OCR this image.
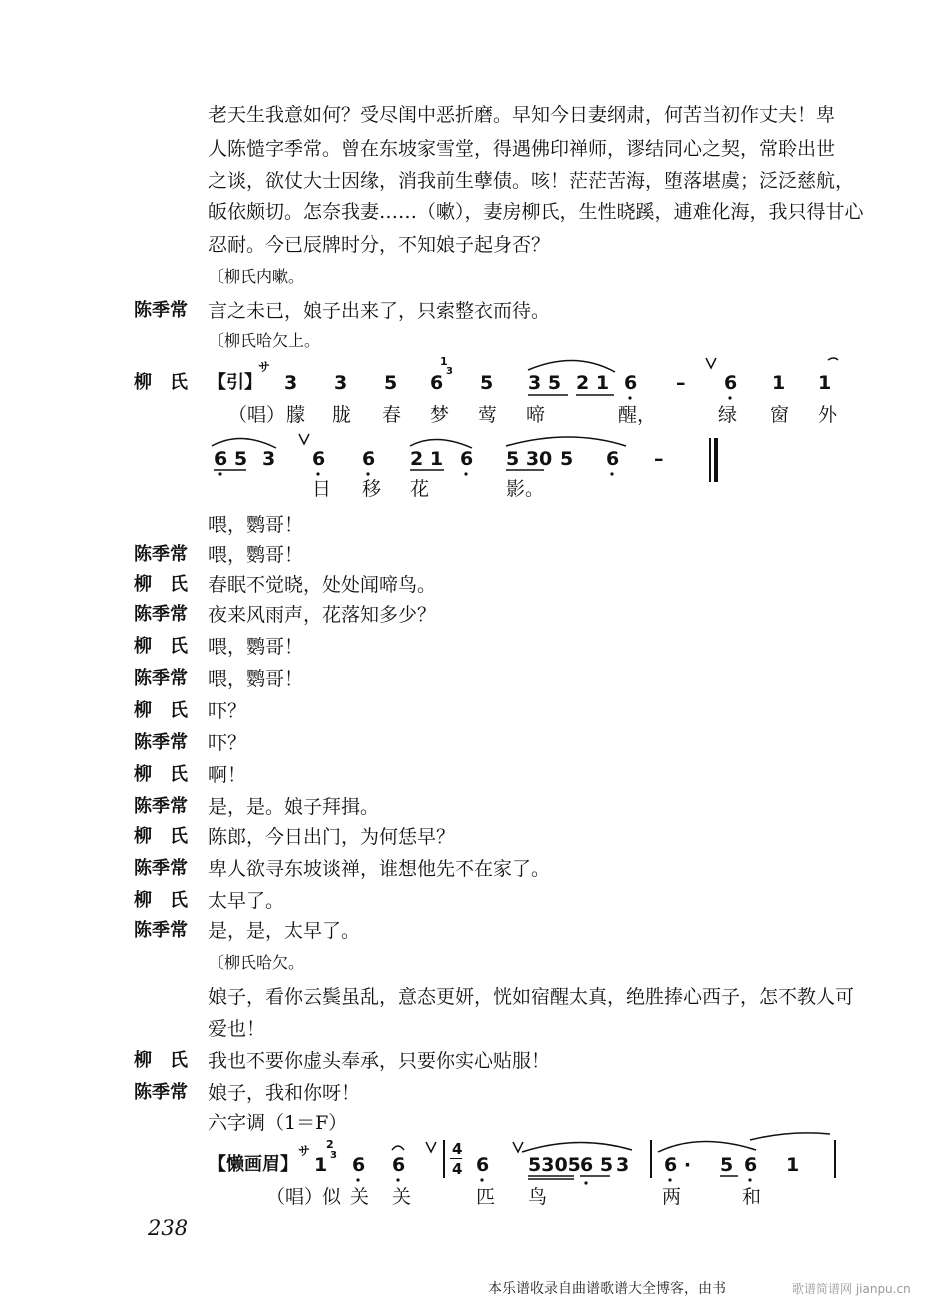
老天生我意如何？受尽闺中恶折磨。早知今日妻纲肃，何苦当初作丈夫！卑
人陈慥字季常。曾在东坡家雪堂，得遇佛印禅师，谬结同心之契，常聆出世
之谈，欲仗大士因缘，消我前生孽债。咳！茫茫苦海，堕落堪虞；泛泛慈航，
皈依颇切。怎奈我妻……（嗽），妻房柳氏，生性晓蹊，逋难化海，我只得甘心
忍耐。今已辰牌时分，不知娘子起身否？
〔柳氏内嗽。
陈季常	言之未已，娘子出来了，只索整衣而待。
〔柳氏哈欠上。
柳　氏	【引】
サ
3 3 5 6
1
3
5 3 5 2 1 6 – 6 1 1
（唱） 朦 胧 春 梦 莺 啼	醒，	绿 窗 外
6 5 3 6 6 2 1 6 5 30 5 6 –
日 移 花	影。
喂，鹦哥！
陈季常	喂，鹦哥！
柳　氏	春眠不觉晓，处处闻啼鸟。
陈季常	夜来风雨声，花落知多少？
柳　氏	喂，鹦哥！
陈季常	喂，鹦哥！
柳　氏	吓？
陈季常	吓？
柳　氏	啊！
陈季常	是，是。娘子拜揖。
柳　氏	陈郎，今日出门，为何恁早？
陈季常	卑人欲寻东坡谈禅，谁想他先不在家了。
柳　氏	太早了。
陈季常	是，是，太早了。
〔柳氏哈欠。
娘子，看你云鬓虽乱，意态更妍，恍如宿醒太真，绝胜捧心西子，怎不教人可
爱也！
柳　氏	我也不要你虚头奉承，只要你实心贴服！
陈季常	娘子，我和你呀！
六字调（1＝F）
【懒画眉】
サ
1
2
3 6 6	6 5305 6 5 3 6 · 5 6 1
4
4
（唱）
似 关 关	匹 鸟	两	和
238
本乐谱收录自曲谱歌谱大全博客，由书	歌谱简谱网 jianpu.cn
